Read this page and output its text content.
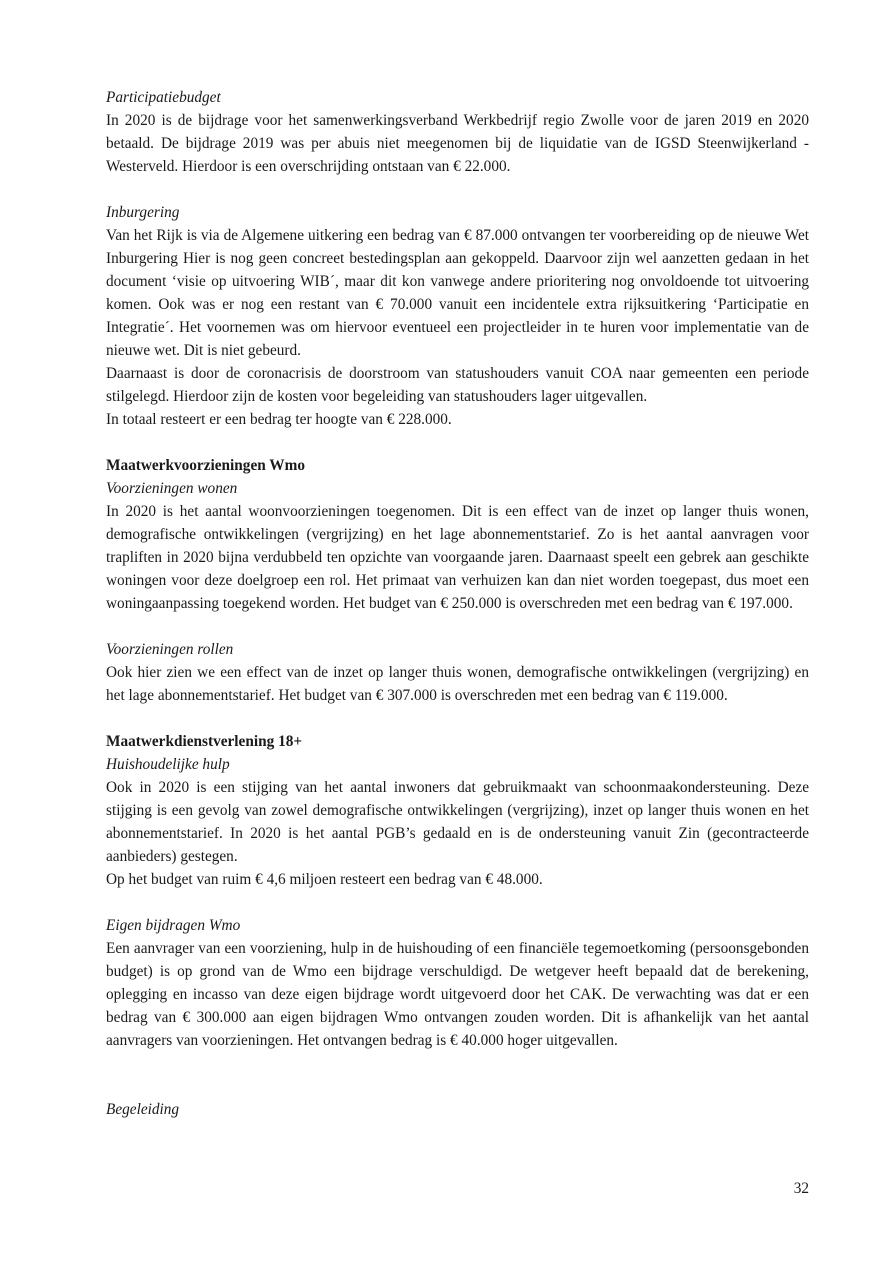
Participatiebudget

In 2020 is de bijdrage voor het samenwerkingsverband Werkbedrijf regio Zwolle voor de jaren 2019 en 2020 betaald. De bijdrage 2019 was per abuis niet meegenomen bij de liquidatie van de IGSD Steenwijkerland - Westerveld. Hierdoor is een overschrijding ontstaan van € 22.000.

Inburgering

Van het Rijk is via de Algemene uitkering een bedrag van € 87.000 ontvangen ter voorbereiding op de nieuwe Wet Inburgering Hier is nog geen concreet bestedingsplan aan gekoppeld. Daarvoor zijn wel aanzetten gedaan in het document ‘visie op uitvoering WIB´, maar dit kon vanwege andere prioritering nog onvoldoende tot uitvoering komen. Ook was er nog een restant van € 70.000 vanuit een incidentele extra rijksuitkering ‘Participatie en Integratie´. Het voornemen was om hiervoor eventueel een projectleider in te huren voor implementatie van de nieuwe wet. Dit is niet gebeurd.

Daarnaast is door de coronacrisis de doorstroom van statushouders vanuit COA naar gemeenten een periode stilgelegd. Hierdoor zijn de kosten voor begeleiding van statushouders lager uitgevallen.

In totaal resteert er een bedrag ter hoogte van € 228.000.

Maatwerkvoorzieningen Wmo

Voorzieningen wonen

In 2020 is het aantal woonvoorzieningen toegenomen. Dit is een effect van de inzet op langer thuis wonen, demografische ontwikkelingen (vergrijzing) en het lage abonnementstarief. Zo is het aantal aanvragen voor trapliften in 2020 bijna verdubbeld ten opzichte van voorgaande jaren. Daarnaast speelt een gebrek aan geschikte woningen voor deze doelgroep een rol. Het primaat van verhuizen kan dan niet worden toegepast, dus moet een woningaanpassing toegekend worden. Het budget van € 250.000 is overschreden met een bedrag van € 197.000.

Voorzieningen rollen

Ook hier zien we een effect van de inzet op langer thuis wonen, demografische ontwikkelingen (vergrijzing) en het lage abonnementstarief. Het budget van € 307.000 is overschreden met een bedrag van € 119.000.

Maatwerkdienstverlening 18+

Huishoudelijke hulp

Ook in 2020 is een stijging van het aantal inwoners dat gebruikmaakt van schoonmaakondersteuning. Deze stijging is een gevolg van zowel demografische ontwikkelingen (vergrijzing), inzet op langer thuis wonen en het abonnementstarief. In 2020 is het aantal PGB’s gedaald en is de ondersteuning vanuit Zin (gecontracteerde aanbieders) gestegen.

Op het budget van ruim € 4,6 miljoen resteert een bedrag van € 48.000.

Eigen bijdragen Wmo

Een aanvrager van een voorziening, hulp in de huishouding of een financiële tegemoetkoming (persoonsgebonden budget) is op grond van de Wmo een bijdrage verschuldigd. De wetgever heeft bepaald dat de berekening, oplegging en incasso van deze eigen bijdrage wordt uitgevoerd door het CAK. De verwachting was dat er een bedrag van € 300.000 aan eigen bijdragen Wmo ontvangen zouden worden. Dit is afhankelijk van het aantal aanvragers van voorzieningen. Het ontvangen bedrag is € 40.000 hoger uitgevallen.

Begeleiding

32
